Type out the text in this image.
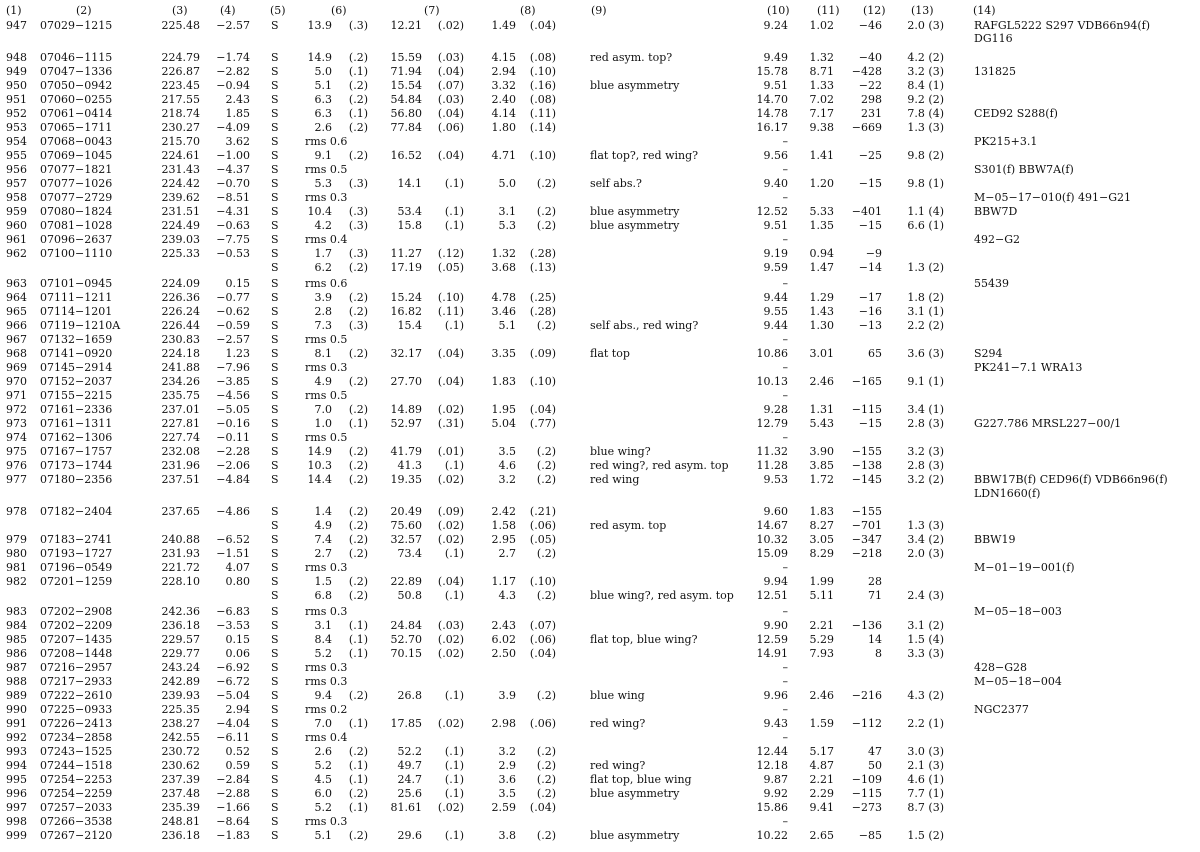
(1)	(2)	(3)	(4)	(5)	(6)	(7)	(8)	(9)	(10) (11) (12) (13)	(14)
947 07029−1215	225.48	−2.57 S	13.9	(.3)	12.21	(.02)	1.49	(.04)	9.24	1.02	−46	2.0 (3)	RAFGL5222 S297 VDB66n94(f)
DG116
948 07046−1115	224.79	−1.74 S	14.9	(.2)	15.59	(.03)	4.15	(.08)	red asym. top?	9.49	1.32	−40	4.2 (2)
949 07047−1336	226.87	−2.82 S	5.0	(.1)	71.94	(.04)	2.94	(.10)	15.78	8.71	−428	3.2 (3)	131825
950 07050−0942	223.45	−0.94 S	5.1	(.2)	15.54	(.07)	3.32	(.16)	blue asymmetry	9.51	1.33	−22	8.4 (1)
951 07060−0255	217.55	2.43 S	6.3	(.2)	54.84	(.03)	2.40	(.08)	14.70	7.02	298	9.2 (2)
952 07061−0414	218.74	1.85 S	6.3	(.1)	56.80	(.04)	4.14	(.11)	14.78	7.17	231	7.8 (4)	CED92 S288(f)
953 07065−1711	230.27	−4.09 S	2.6	(.2)	77.84	(.06)	1.80	(.14)	16.17	9.38	−669	1.3 (3)
954 07068−0043	215.70	3.62 S	rms 0.6	–	PK215+3.1
955 07069−1045	224.61	−1.00 S	9.1	(.2)	16.52	(.04)	4.71	(.10)	flat top?, red wing?	9.56	1.41	−25	9.8 (2)
956 07077−1821	231.43	−4.37 S	rms 0.5	–	S301(f) BBW7A(f)
957 07077−1026	224.42	−0.70 S	5.3	(.3)	14.1	(.1)	5.0	(.2)	self abs.?	9.40	1.20	−15	9.8 (1)
958 07077−2729	239.62	−8.51 S	rms 0.3	–	M−05−17−010(f) 491−G21
959 07080−1824	231.51	−4.31 S	10.4	(.3)	53.4	(.1)	3.1	(.2)	blue asymmetry	12.52	5.33	−401	1.1 (4)	BBW7D
960 07081−1028	224.49	−0.63 S	4.2	(.3)	15.8	(.1)	5.3	(.2)	blue asymmetry	9.51	1.35	−15	6.6 (1)
961 07096−2637	239.03	−7.75 S	rms 0.4	–	492−G2
962 07100−1110	225.33	−0.53 S	1.7	(.3)	11.27	(.12)	1.32	(.28)	9.19	0.94	−9
S	6.2	(.2)	17.19	(.05)	3.68	(.13)	9.59	1.47	−14	1.3 (2)
963 07101−0945	224.09	0.15 S	rms 0.6	–	55439
964 07111−1211	226.36	−0.77 S	3.9	(.2)	15.24	(.10)	4.78	(.25)	9.44	1.29	−17	1.8 (2)
965 07114−1201	226.24	−0.62 S	2.8	(.2)	16.82	(.11)	3.46	(.28)	9.55	1.43	−16	3.1 (1)
966 07119−1210A	226.44	−0.59 S	7.3	(.3)	15.4	(.1)	5.1	(.2)	self abs., red wing?	9.44	1.30	−13	2.2 (2)
967 07132−1659	230.83	−2.57 S	rms 0.5	–
968 07141−0920	224.18	1.23 S	8.1	(.2)	32.17	(.04)	3.35	(.09)	flat top	10.86	3.01	65	3.6 (3)	S294
969 07145−2914	241.88	−7.96 S	rms 0.3	–	PK241−7.1 WRA13
970 07152−2037	234.26	−3.85 S	4.9	(.2)	27.70	(.04)	1.83	(.10)	10.13	2.46	−165	9.1 (1)
971 07155−2215	235.75	−4.56 S	rms 0.5	–
972 07161−2336	237.01	−5.05 S	7.0	(.2)	14.89	(.02)	1.95	(.04)	9.28	1.31	−115	3.4 (1)
973 07161−1311	227.81	−0.16 S	1.0	(.1)	52.97	(.31)	5.04	(.77)	12.79	5.43	−15	2.8 (3)	G227.786 MRSL227−00/1
974 07162−1306	227.74	−0.11 S	rms 0.5	–
975 07167−1757	232.08	−2.28 S	14.9	(.2)	41.79	(.01)	3.5	(.2)	blue wing?	11.32	3.90	−155	3.2 (3)
976 07173−1744	231.96	−2.06 S	10.3	(.2)	41.3	(.1)	4.6	(.2)	red wing?, red asym. top	11.28	3.85	−138	2.8 (3)
977 07180−2356	237.51	−4.84 S	14.4	(.2)	19.35	(.02)	3.2	(.2)	red wing	9.53	1.72	−145	3.2 (2)	BBW17B(f) CED96(f) VDB66n96(f)
LDN1660(f)
978 07182−2404	237.65	−4.86 S	1.4	(.2)	20.49	(.09)	2.42	(.21)	9.60	1.83	−155
S	4.9	(.2)	75.60	(.02)	1.58	(.06)	red asym. top	14.67	8.27	−701	1.3 (3)
979 07183−2741	240.88	−6.52 S	7.4	(.2)	32.57	(.02)	2.95	(.05)	10.32	3.05	−347	3.4 (2)	BBW19
980 07193−1727	231.93	−1.51 S	2.7	(.2)	73.4	(.1)	2.7	(.2)	15.09	8.29	−218	2.0 (3)
981 07196−0549	221.72	4.07 S	rms 0.3	–	M−01−19−001(f)
982 07201−1259	228.10	0.80 S	1.5	(.2)	22.89	(.04)	1.17	(.10)	9.94	1.99	28
S	6.8	(.2)	50.8	(.1)	4.3	(.2)	blue wing?, red asym. top	12.51	5.11	71	2.4 (3)
983 07202−2908	242.36	−6.83 S	rms 0.3	–	M−05−18−003
984 07202−2209	236.18	−3.53 S	3.1	(.1)	24.84	(.03)	2.43	(.07)	9.90	2.21	−136	3.1 (2)
985 07207−1435	229.57	0.15 S	8.4	(.1)	52.70	(.02)	6.02	(.06)	flat top, blue wing?	12.59	5.29	14	1.5 (4)
986 07208−1448	229.77	0.06 S	5.2	(.1)	70.15	(.02)	2.50	(.04)	14.91	7.93	8	3.3 (3)
987 07216−2957	243.24	−6.92 S	rms 0.3	–	428−G28
988 07217−2933	242.89	−6.72 S	rms 0.3	–	M−05−18−004
989 07222−2610	239.93	−5.04 S	9.4	(.2)	26.8	(.1)	3.9	(.2)	blue wing	9.96	2.46	−216	4.3 (2)
990 07225−0933	225.35	2.94 S	rms 0.2	–	NGC2377
991 07226−2413	238.27	−4.04 S	7.0	(.1)	17.85	(.02)	2.98	(.06)	red wing?	9.43	1.59	−112	2.2 (1)
992 07234−2858	242.55	−6.11 S	rms 0.4	–
993 07243−1525	230.72	0.52 S	2.6	(.2)	52.2	(.1)	3.2	(.2)	12.44	5.17	47	3.0 (3)
994 07244−1518	230.62	0.59 S	5.2	(.1)	49.7	(.1)	2.9	(.2)	red wing?	12.18	4.87	50	2.1 (3)
995 07254−2253	237.39	−2.84 S	4.5	(.1)	24.7	(.1)	3.6	(.2)	flat top, blue wing	9.87	2.21	−109	4.6 (1)
996 07254−2259	237.48	−2.88 S	6.0	(.2)	25.6	(.1)	3.5	(.2)	blue asymmetry	9.92	2.29	−115	7.7 (1)
997 07257−2033	235.39	−1.66 S	5.2	(.1)	81.61	(.02)	2.59	(.04)	15.86	9.41	−273	8.7 (3)
998 07266−3538	248.81	−8.64 S	rms 0.3	–
999 07267−2120	236.18	−1.83 S	5.1	(.2)	29.6	(.1)	3.8	(.2)	blue asymmetry	10.22	2.65	−85	1.5 (2)
